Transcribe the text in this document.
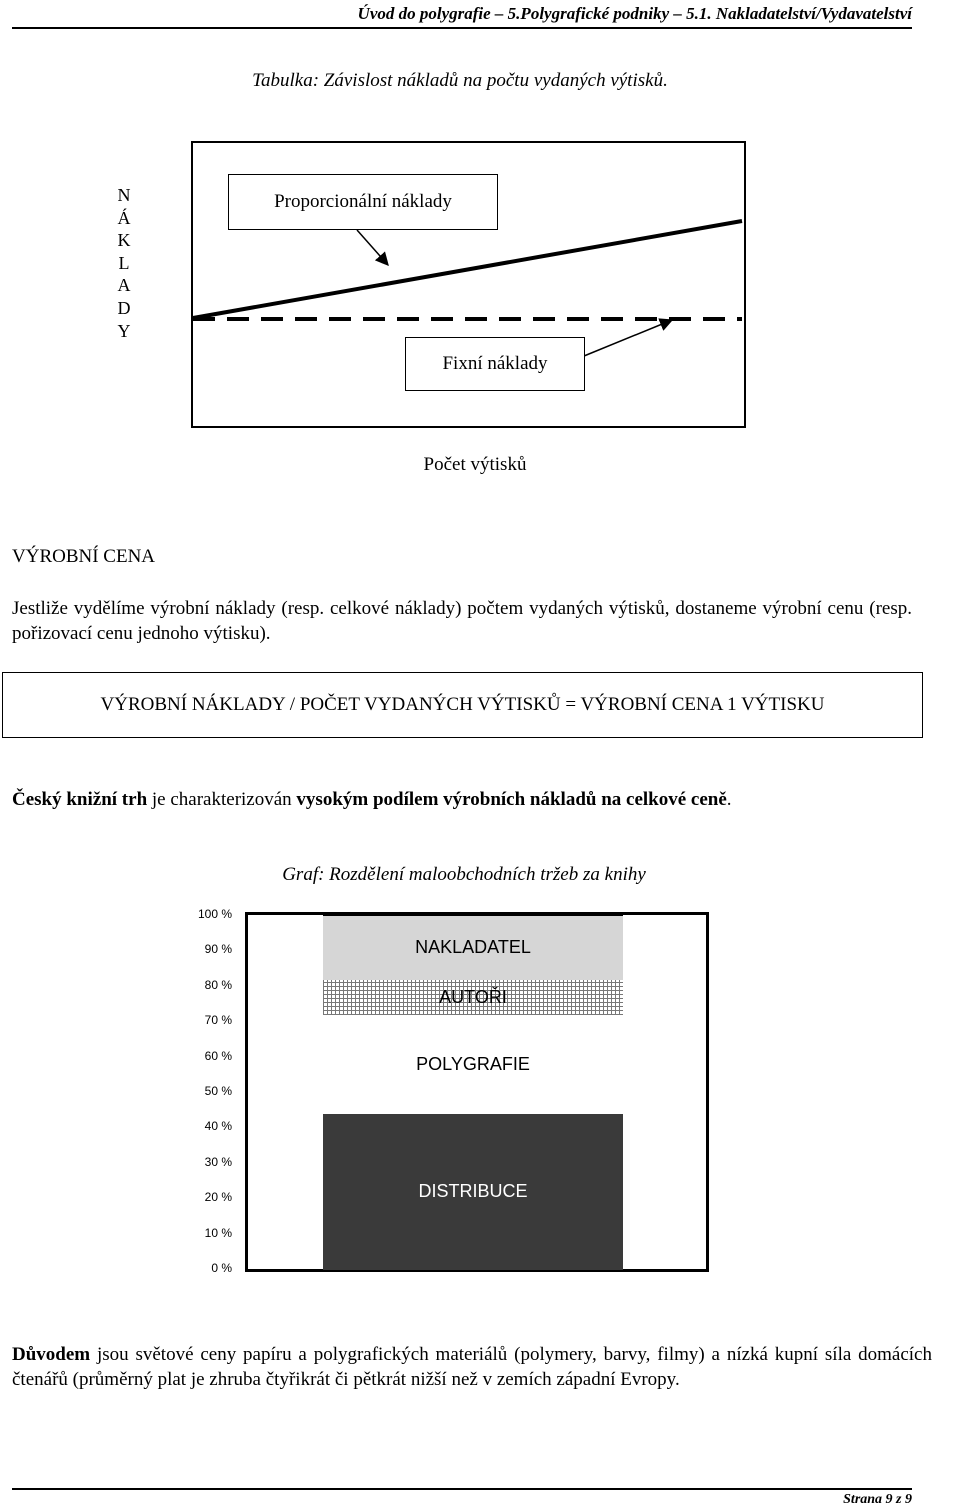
Úvod do polygrafie – 5.Polygrafické podniky – 5.1. Nakladatelství/Vydavatelství
Tabulka: Závislost nákladů na počtu vydaných výtisků.
N
Á
K
L
A
D
Y
Proporcionální náklady
Fixní náklady
Počet výtisků
VÝROBNÍ CENA
Jestliže vydělíme výrobní náklady (resp. celkové náklady) počtem vydaných výtisků, dostaneme výrobní cenu (resp. pořizovací cenu jednoho výtisku).
VÝROBNÍ NÁKLADY / POČET VYDANÝCH VÝTISKŮ = VÝROBNÍ CENA 1 VÝTISKU
Český knižní trh je charakterizován vysokým podílem výrobních nákladů na celkové ceně.
Graf: Rozdělení maloobchodních tržeb za knihy
100 %
90 %
80 %
70 %
60 %
50 %
40 %
30 %
20 %
10 %
0 %
DISTRIBUCE
POLYGRAFIE
AUTOŘI
NAKLADATEL
Důvodem jsou světové ceny papíru a polygrafických materiálů (polymery, barvy, filmy) a nízká kupní síla domácích čtenářů (průměrný plat je zhruba čtyřikrát či pětkrát nižší než v zemích západní Evropy.
Strana 9 z 9
